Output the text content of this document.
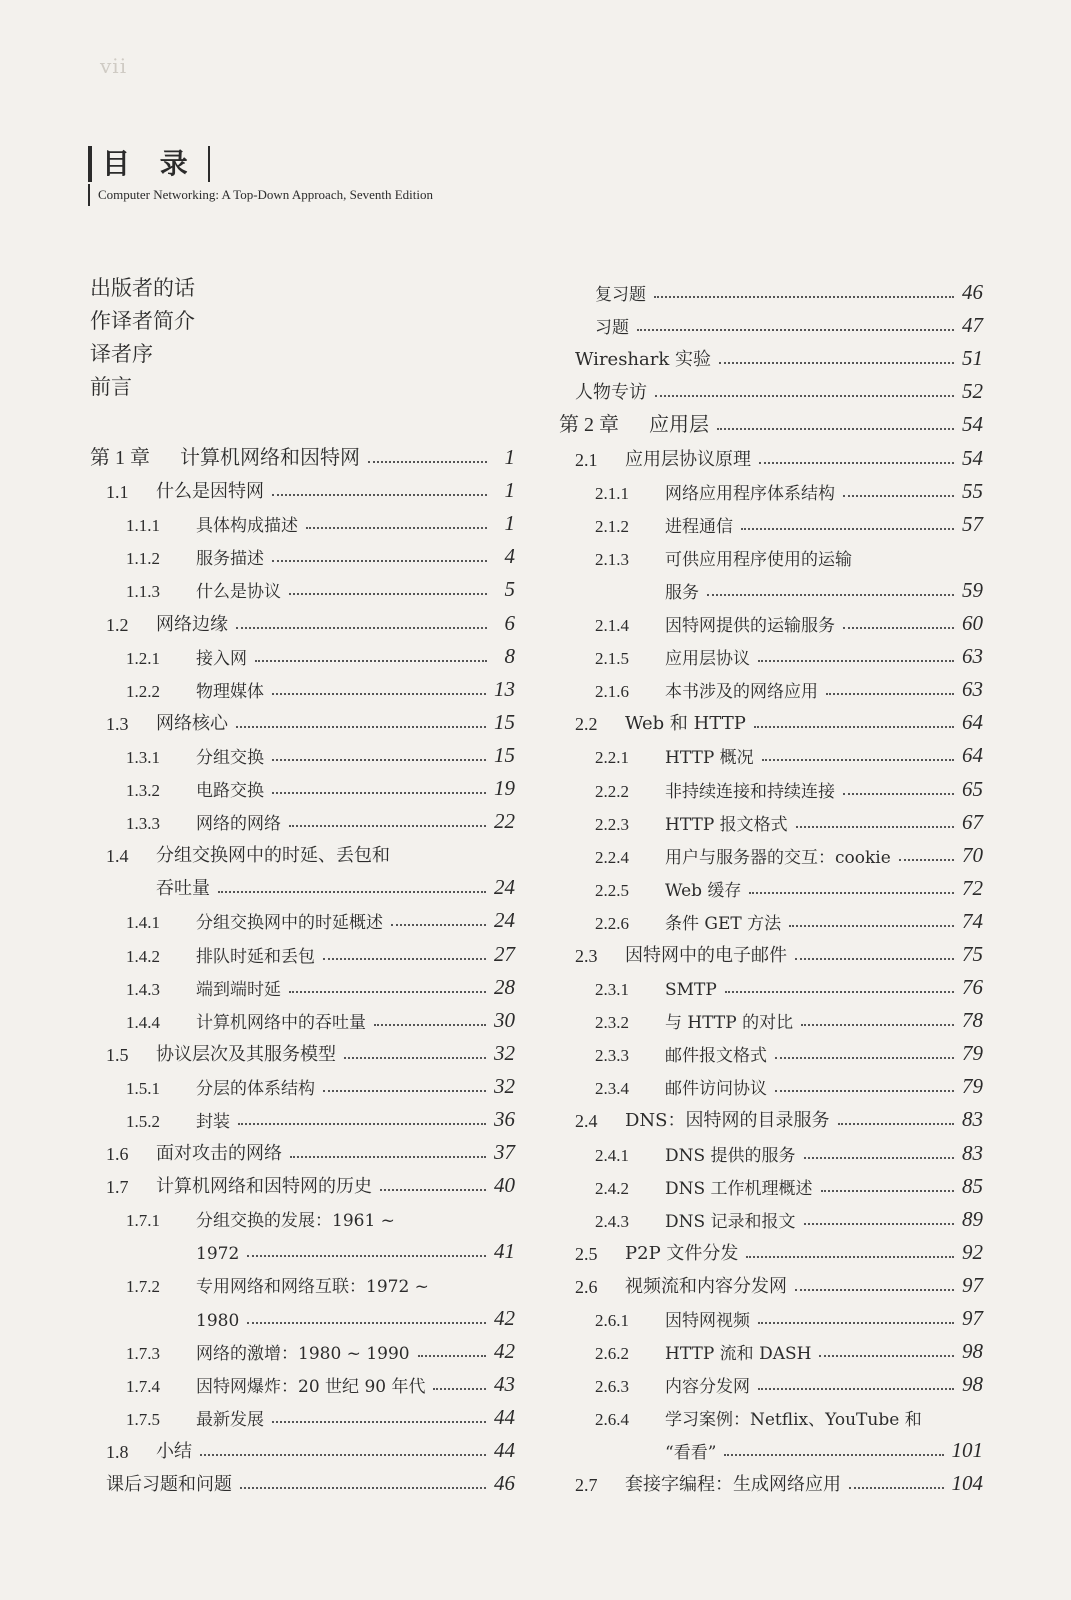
vii
目 录
Computer Networking: A Top-Down Approach, Seventh Edition
出版者的话
作译者简介
译者序
前言
第 1 章	计算机网络和因特网	1
1.1	什么是因特网	1
1.1.1	具体构成描述	1
1.1.2	服务描述	4
1.1.3	什么是协议	5
1.2	网络边缘	6
1.2.1	接入网	8
1.2.2	物理媒体	13
1.3	网络核心	15
1.3.1	分组交换	15
1.3.2	电路交换	19
1.3.3	网络的网络	22
1.4	分组交换网中的时延、丢包和
吞吐量	24
1.4.1	分组交换网中的时延概述	24
1.4.2	排队时延和丢包	27
1.4.3	端到端时延	28
1.4.4	计算机网络中的吞吐量	30
1.5	协议层次及其服务模型	32
1.5.1	分层的体系结构	32
1.5.2	封装	36
1.6	面对攻击的网络	37
1.7	计算机网络和因特网的历史	40
1.7.1	分组交换的发展：1961 ~
1972	41
1.7.2	专用网络和网络互联：1972 ~
1980	42
1.7.3	网络的激增：1980 ~ 1990	42
1.7.4	因特网爆炸：20 世纪 90 年代	43
1.7.5	最新发展	44
1.8	小结	44
课后习题和问题	46
复习题	46
习题	47
Wireshark 实验	51
人物专访	52
第 2 章	应用层	54
2.1	应用层协议原理	54
2.1.1	网络应用程序体系结构	55
2.1.2	进程通信	57
2.1.3	可供应用程序使用的运输
服务	59
2.1.4	因特网提供的运输服务	60
2.1.5	应用层协议	63
2.1.6	本书涉及的网络应用	63
2.2	Web 和 HTTP	64
2.2.1	HTTP 概况	64
2.2.2	非持续连接和持续连接	65
2.2.3	HTTP 报文格式	67
2.2.4	用户与服务器的交互：cookie	70
2.2.5	Web 缓存	72
2.2.6	条件 GET 方法	74
2.3	因特网中的电子邮件	75
2.3.1	SMTP	76
2.3.2	与 HTTP 的对比	78
2.3.3	邮件报文格式	79
2.3.4	邮件访问协议	79
2.4	DNS：因特网的目录服务	83
2.4.1	DNS 提供的服务	83
2.4.2	DNS 工作机理概述	85
2.4.3	DNS 记录和报文	89
2.5	P2P 文件分发	92
2.6	视频流和内容分发网	97
2.6.1	因特网视频	97
2.6.2	HTTP 流和 DASH	98
2.6.3	内容分发网	98
2.6.4	学习案例：Netflix、YouTube 和
“看看”	101
2.7	套接字编程：生成网络应用	104
